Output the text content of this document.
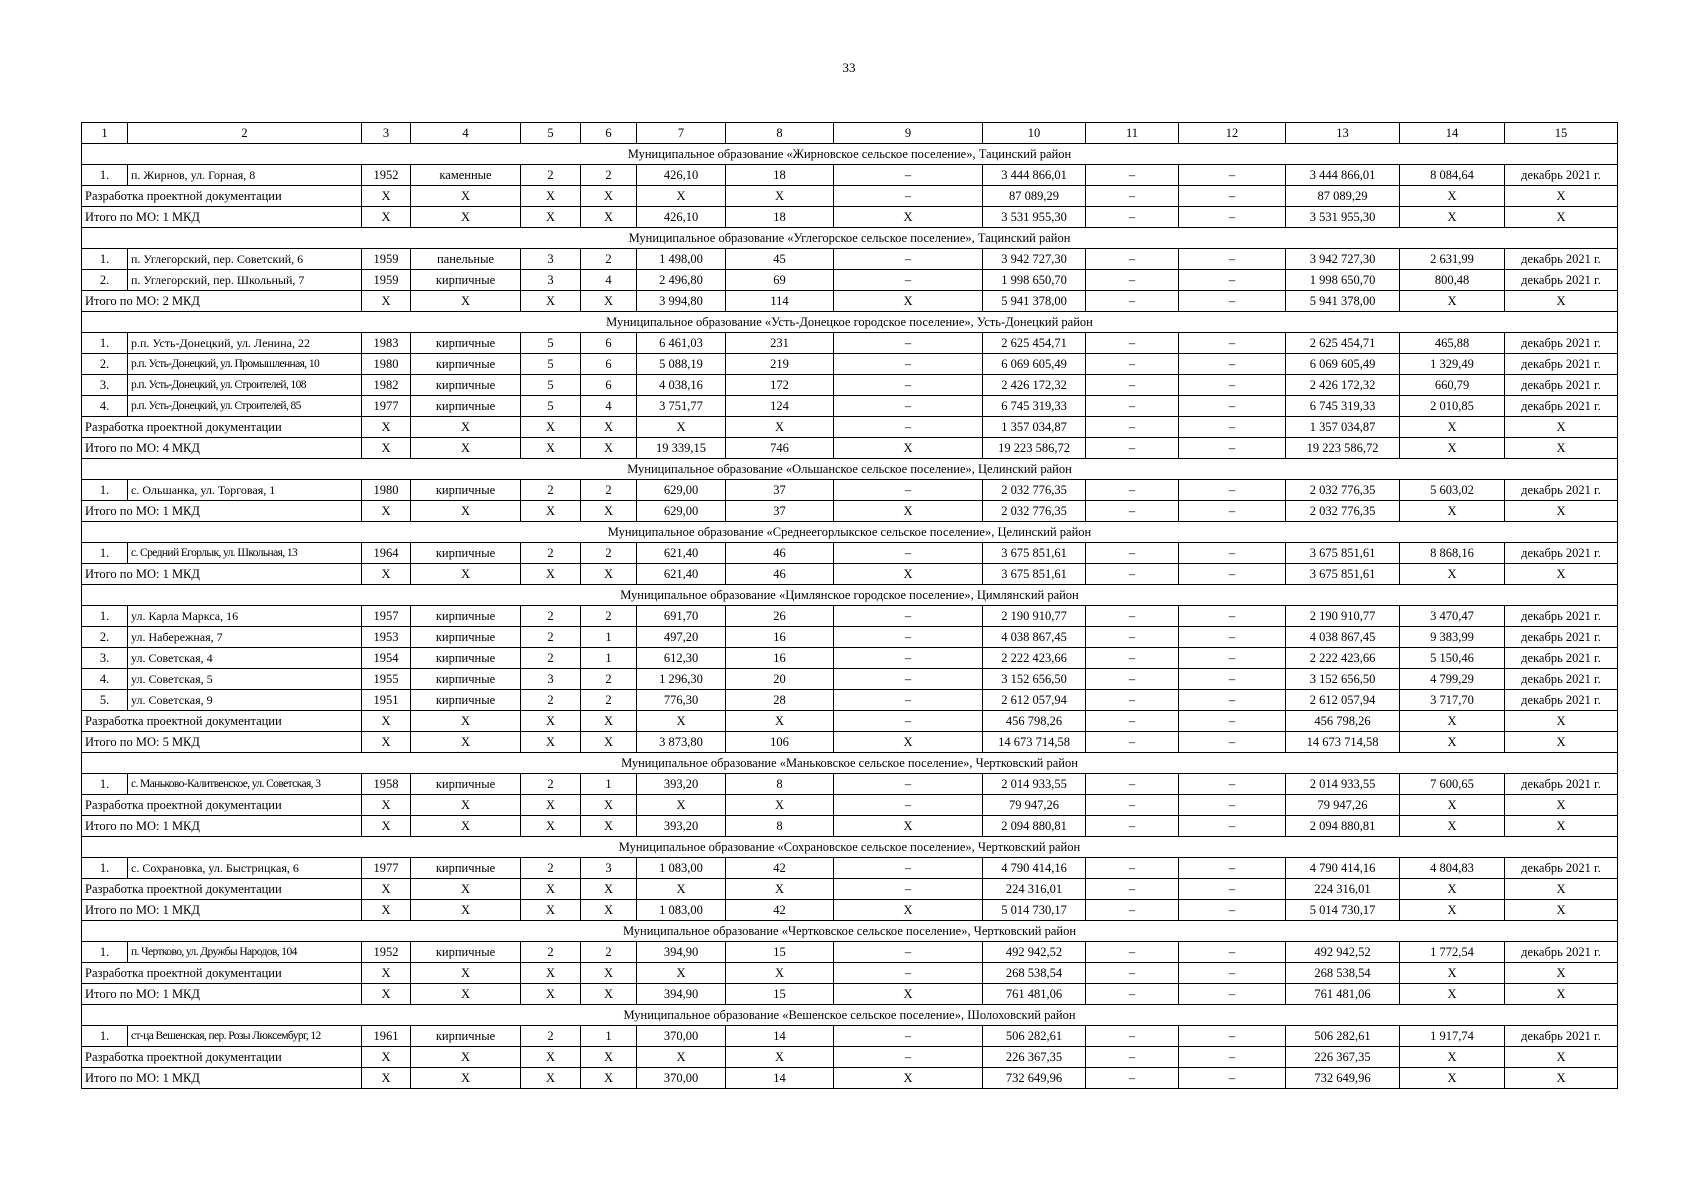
33
1	2	3	4	5	6	7	8	9	10	11	12	13	14	15
Муниципальное образование «Жирновское сельское поселение», Тацинский район														
1.	п. Жирнов, ул. Горная, 8	1952	каменные	2	2	426,10	18	–	3 444 866,01	–	–	3 444 866,01	8 084,64	декабрь 2021 г.
Разработка проектной документации		X	X	X	X	X	X	–	87 089,29	–	–	87 089,29	X	X
Итого по МО: 1 МКД		X	X	X	X	426,10	18	X	3 531 955,30	–	–	3 531 955,30	X	X
Муниципальное образование «Углегорское сельское поселение», Тацинский район														
1.	п. Углегорский, пер. Советский, 6	1959	панельные	3	2	1 498,00	45	–	3 942 727,30	–	–	3 942 727,30	2 631,99	декабрь 2021 г.
2.	п. Углегорский, пер. Школьный, 7	1959	кирпичные	3	4	2 496,80	69	–	1 998 650,70	–	–	1 998 650,70	800,48	декабрь 2021 г.
Итого по МО: 2 МКД		X	X	X	X	3 994,80	114	X	5 941 378,00	–	–	5 941 378,00	X	X
Муниципальное образование «Усть-Донецкое городское поселение», Усть-Донецкий район														
1.	р.п. Усть-Донецкий, ул. Ленина, 22	1983	кирпичные	5	6	6 461,03	231	–	2 625 454,71	–	–	2 625 454,71	465,88	декабрь 2021 г.
2.	р.п. Усть-Донецкий, ул. Промышленная, 10	1980	кирпичные	5	6	5 088,19	219	–	6 069 605,49	–	–	6 069 605,49	1 329,49	декабрь 2021 г.
3.	р.п. Усть-Донецкий, ул. Строителей, 108	1982	кирпичные	5	6	4 038,16	172	–	2 426 172,32	–	–	2 426 172,32	660,79	декабрь 2021 г.
4.	р.п. Усть-Донецкий, ул. Строителей, 85	1977	кирпичные	5	4	3 751,77	124	–	6 745 319,33	–	–	6 745 319,33	2 010,85	декабрь 2021 г.
Разработка проектной документации		X	X	X	X	X	X	–	1 357 034,87	–	–	1 357 034,87	X	X
Итого по МО: 4 МКД		X	X	X	X	19 339,15	746	X	19 223 586,72	–	–	19 223 586,72	X	X
Муниципальное образование «Ольшанское сельское поселение», Целинский район														
1.	с. Ольшанка, ул. Торговая, 1	1980	кирпичные	2	2	629,00	37	–	2 032 776,35	–	–	2 032 776,35	5 603,02	декабрь 2021 г.
Итого по МО: 1 МКД		X	X	X	X	629,00	37	X	2 032 776,35	–	–	2 032 776,35	X	X
Муниципальное образование «Среднеегорлыкское сельское поселение», Целинский район														
1.	с. Средний Егорлык, ул. Школьная, 13	1964	кирпичные	2	2	621,40	46	–	3 675 851,61	–	–	3 675 851,61	8 868,16	декабрь 2021 г.
Итого по МО: 1 МКД		X	X	X	X	621,40	46	X	3 675 851,61	–	–	3 675 851,61	X	X
Муниципальное образование «Цимлянское городское поселение», Цимлянский район														
1.	ул. Карла Маркса, 16	1957	кирпичные	2	2	691,70	26	–	2 190 910,77	–	–	2 190 910,77	3 470,47	декабрь 2021 г.
2.	ул. Набережная, 7	1953	кирпичные	2	1	497,20	16	–	4 038 867,45	–	–	4 038 867,45	9 383,99	декабрь 2021 г.
3.	ул. Советская, 4	1954	кирпичные	2	1	612,30	16	–	2 222 423,66	–	–	2 222 423,66	5 150,46	декабрь 2021 г.
4.	ул. Советская, 5	1955	кирпичные	3	2	1 296,30	20	–	3 152 656,50	–	–	3 152 656,50	4 799,29	декабрь 2021 г.
5.	ул. Советская, 9	1951	кирпичные	2	2	776,30	28	–	2 612 057,94	–	–	2 612 057,94	3 717,70	декабрь 2021 г.
Разработка проектной документации		X	X	X	X	X	X	–	456 798,26	–	–	456 798,26	X	X
Итого по МО: 5 МКД		X	X	X	X	3 873,80	106	X	14 673 714,58	–	–	14 673 714,58	X	X
Муниципальное образование «Маньковское сельское поселение», Чертковский район														
1.	с. Маньково-Калитвенское, ул. Советская, 3	1958	кирпичные	2	1	393,20	8	–	2 014 933,55	–	–	2 014 933,55	7 600,65	декабрь 2021 г.
Разработка проектной документации		X	X	X	X	X	X	–	79 947,26	–	–	79 947,26	X	X
Итого по МО: 1 МКД		X	X	X	X	393,20	8	X	2 094 880,81	–	–	2 094 880,81	X	X
Муниципальное образование «Сохрановское сельское поселение», Чертковский район														
1.	с. Сохрановка, ул. Быстрицкая, 6	1977	кирпичные	2	3	1 083,00	42	–	4 790 414,16	–	–	4 790 414,16	4 804,83	декабрь 2021 г.
Разработка проектной документации		X	X	X	X	X	X	–	224 316,01	–	–	224 316,01	X	X
Итого по МО: 1 МКД		X	X	X	X	1 083,00	42	X	5 014 730,17	–	–	5 014 730,17	X	X
Муниципальное образование «Чертковское сельское поселение», Чертковский район														
1.	п. Чертково, ул. Дружбы Народов, 104	1952	кирпичные	2	2	394,90	15	–	492 942,52	–	–	492 942,52	1 772,54	декабрь 2021 г.
Разработка проектной документации		X	X	X	X	X	X	–	268 538,54	–	–	268 538,54	X	X
Итого по МО: 1 МКД		X	X	X	X	394,90	15	X	761 481,06	–	–	761 481,06	X	X
Муниципальное образование «Вешенское сельское поселение», Шолоховский район														
1.	ст-ца Вешенская, пер. Розы Люксембург, 12	1961	кирпичные	2	1	370,00	14	–	506 282,61	–	–	506 282,61	1 917,74	декабрь 2021 г.
Разработка проектной документации		X	X	X	X	X	X	–	226 367,35	–	–	226 367,35	X	X
Итого по МО: 1 МКД		X	X	X	X	370,00	14	X	732 649,96	–	–	732 649,96	X	X
